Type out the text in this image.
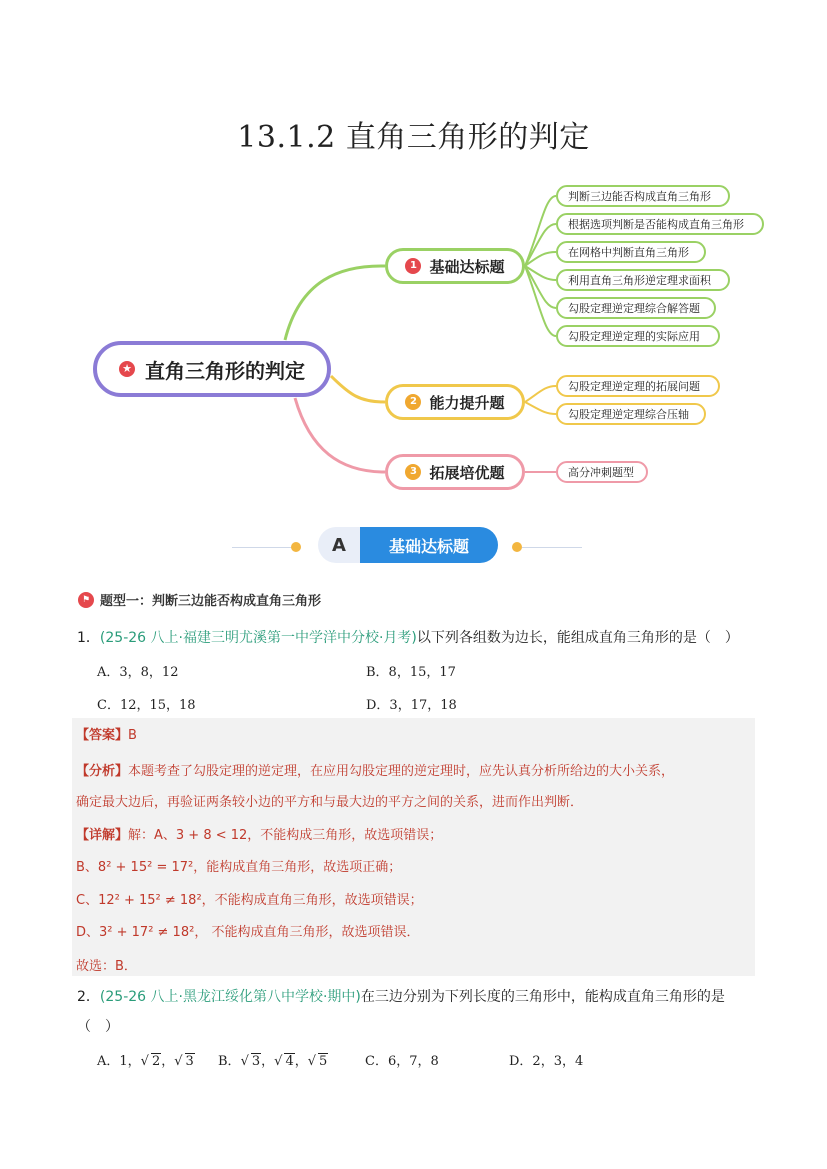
13.1.2 直角三角形的判定
★ 直角三角形的判定
1 基础达标题
2 能力提升题
3 拓展培优题
判断三边能否构成直角三角形
根据选项判断是否能构成直角三角形
在网格中判断直角三角形
利用直角三角形逆定理求面积
勾股定理逆定理综合解答题
勾股定理逆定理的实际应用
勾股定理逆定理的拓展问题
勾股定理逆定理综合压轴
高分冲刺题型
A	基础达标题
⚑ 题型一：判断三边能否构成直角三角形
1．(25-26 八上·福建三明尤溪第一中学洋中分校·月考)以下列各组数为边长，能组成直角三角形的是（　）
A．3，8，12	B．8，15，17
C．12，15，18	D．3，17，18
【答案】B
【分析】本题考查了勾股定理的逆定理，在应用勾股定理的逆定理时，应先认真分析所给边的大小关系，
确定最大边后，再验证两条较小边的平方和与最大边的平方之间的关系，进而作出判断．
【详解】解：A、3 + 8 < 12，不能构成三角形，故选项错误；
B、8² + 15² = 17²，能构成直角三角形，故选项正确；
C、12² + 15² ≠ 18²，不能构成直角三角形，故选项错误；
D、3² + 17² ≠ 18²， 不能构成直角三角形，故选项错误．
故选：B．
2．(25-26 八上·黑龙江绥化第八中学校·期中)在三边分别为下列长度的三角形中，能构成直角三角形的是
（　）
A．1，√ 2，√ 3 B．√ 3，√ 4，√ 5	C．6，7，8	D．2，3，4
